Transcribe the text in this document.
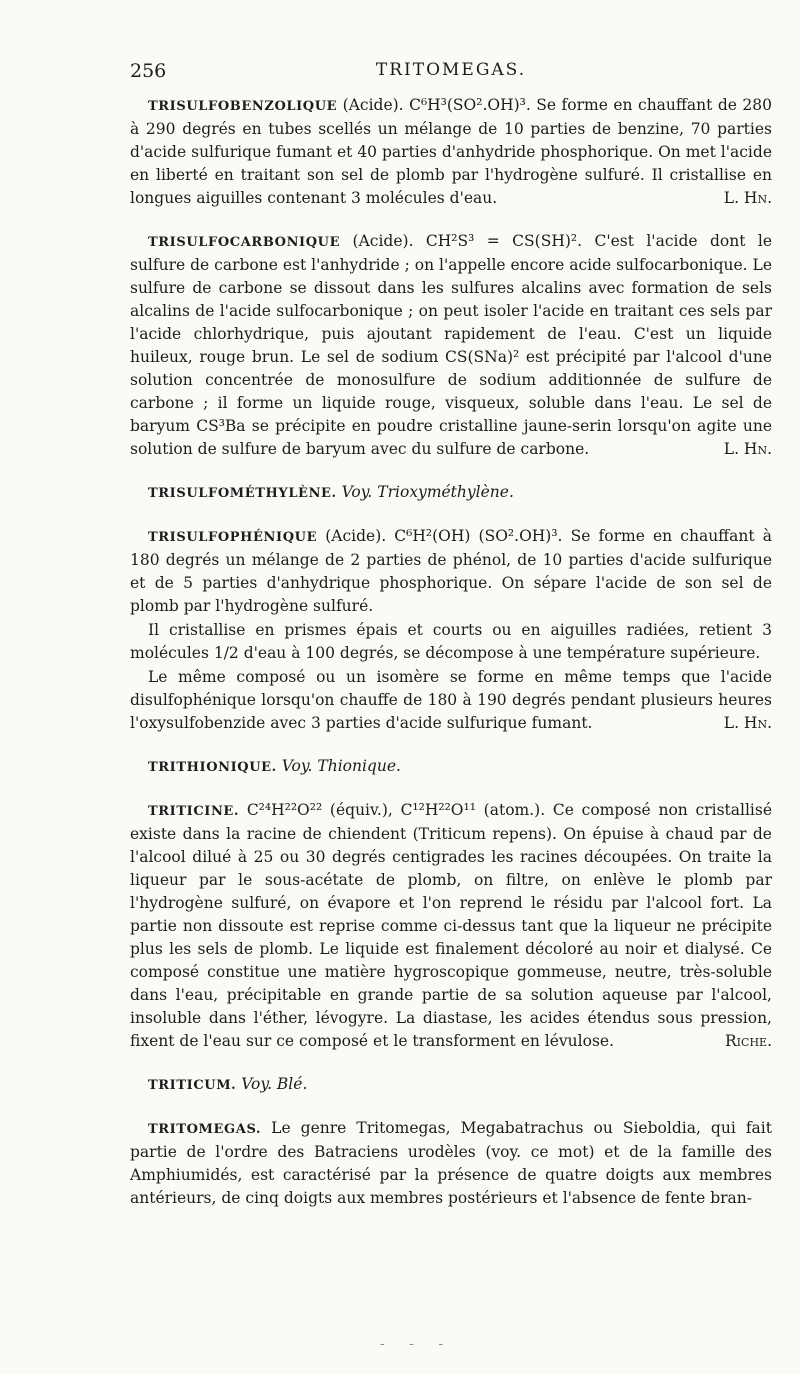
256	TRITOMEGAS.

TRISULFOBENZOLIQUE (Acide). C⁶H³(SO².OH)³. Se forme en chauffant de 280 à 290 degrés en tubes scellés un mélange de 10 parties de benzine, 70 parties d'acide sulfurique fumant et 40 parties d'anhydride phosphorique. On met l'acide en liberté en traitant son sel de plomb par l'hydrogène sulfuré. Il cristallise en longues aiguilles contenant 3 molécules d'eau.	L. Hn.

TRISULFOCARBONIQUE (Acide). CH²S³ = CS(SH)². C'est l'acide dont le sulfure de carbone est l'anhydride ; on l'appelle encore acide sulfocarbonique. Le sulfure de carbone se dissout dans les sulfures alcalins avec formation de sels alcalins de l'acide sulfocarbonique ; on peut isoler l'acide en traitant ces sels par l'acide chlorhydrique, puis ajoutant rapidement de l'eau. C'est un liquide huileux, rouge brun. Le sel de sodium CS(SNa)² est précipité par l'alcool d'une solution concentrée de monosulfure de sodium additionnée de sulfure de carbone ; il forme un liquide rouge, visqueux, soluble dans l'eau. Le sel de baryum CS³Ba se précipite en poudre cristalline jaune-serin lorsqu'on agite une solution de sulfure de baryum avec du sulfure de carbone.	L. Hn.

TRISULFOMÉTHYLÈNE. Voy. Trioxyméthylène.

TRISULFOPHÉNIQUE (Acide). C⁶H²(OH) (SO².OH)³. Se forme en chauffant à 180 degrés un mélange de 2 parties de phénol, de 10 parties d'acide sulfurique et de 5 parties d'anhydrique phosphorique. On sépare l'acide de son sel de plomb par l'hydrogène sulfuré.

Il cristallise en prismes épais et courts ou en aiguilles radiées, retient 3 molécules 1/2 d'eau à 100 degrés, se décompose à une température supérieure.

Le même composé ou un isomère se forme en même temps que l'acide disulfophénique lorsqu'on chauffe de 180 à 190 degrés pendant plusieurs heures l'oxysulfobenzide avec 3 parties d'acide sulfurique fumant.	L. Hn.

TRITHIONIQUE. Voy. Thionique.

TRITICINE. C²⁴H²²O²² (équiv.), C¹²H²²O¹¹ (atom.). Ce composé non cristallisé existe dans la racine de chiendent (Triticum repens). On épuise à chaud par de l'alcool dilué à 25 ou 30 degrés centigrades les racines découpées. On traite la liqueur par le sous-acétate de plomb, on filtre, on enlève le plomb par l'hydrogène sulfuré, on évapore et l'on reprend le résidu par l'alcool fort. La partie non dissoute est reprise comme ci-dessus tant que la liqueur ne précipite plus les sels de plomb. Le liquide est finalement décoloré au noir et dialysé. Ce composé constitue une matière hygroscopique gommeuse, neutre, très-soluble dans l'eau, précipitable en grande partie de sa solution aqueuse par l'alcool, insoluble dans l'éther, lévogyre. La diastase, les acides étendus sous pression, fixent de l'eau sur ce composé et le transforment en lévulose.	Riche.

TRITICUM. Voy. Blé.

TRITOMEGAS. Le genre Tritomegas, Megabatrachus ou Sieboldia, qui fait partie de l'ordre des Batraciens urodèles (voy. ce mot) et de la famille des Amphiumidés, est caractérisé par la présence de quatre doigts aux membres antérieurs, de cinq doigts aux membres postérieurs et l'absence de fente bran-

- - -
